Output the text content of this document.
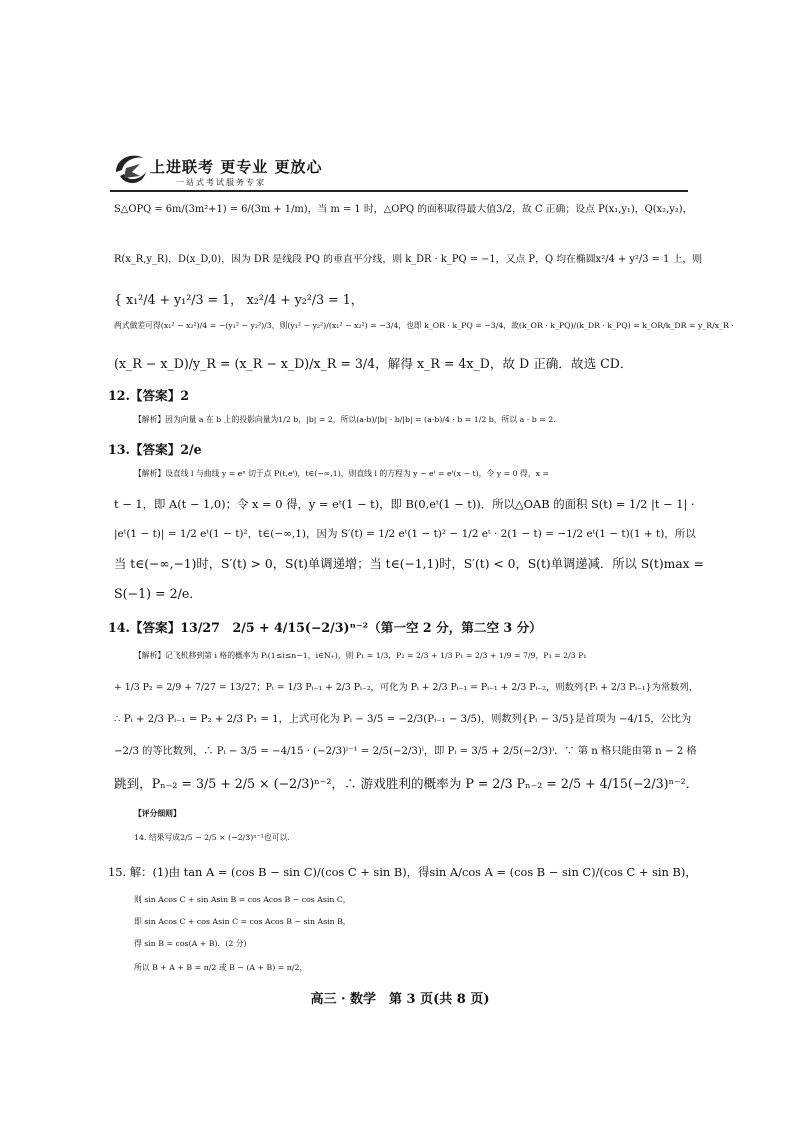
上进联考 更专业 更放心
一站式考试服务专家
S△OPQ = 6m/(3m²+1) = 6/(3m + 1/m)，当 m = 1 时，△OPQ 的面积取得最大值3/2，故 C 正确；设点 P(x₁,y₁)，Q(x₂,y₂)，
R(x_R,y_R)，D(x_D,0)，因为 DR 是线段 PQ 的垂直平分线，则 k_DR · k_PQ = −1，又点 P，Q 均在椭圆x²/4 + y²/3 = 1 上，则
{ x₁²/4 + y₁²/3 = 1， x₂²/4 + y₂²/3 = 1，
两式做差可得(x₁² − x₂²)/4 = −(y₁² − y₂²)/3，则(y₁² − y₂²)/(x₁² − x₂²) = −3/4，也即 k_OR · k_PQ = −3/4，故(k_OR · k_PQ)/(k_DR · k_PQ) = k_OR/k_DR = y_R/x_R ·
(x_R − x_D)/y_R = (x_R − x_D)/x_R = 3/4，解得 x_R = 4x_D，故 D 正确．故选 CD．
12.【答案】2
【解析】因为向量 a 在 b 上的投影向量为1/2 b，|b| = 2，所以(a·b)/|b| · b/|b| = (a·b)/4 · b = 1/2 b，所以 a · b = 2．
13.【答案】2/e
【解析】设直线 l 与曲线 y = eˣ 切于点 P(t,eᵗ)，t∈(−∞,1)，则直线 l 的方程为 y − eᵗ = eᵗ(x − t)，令 y = 0 得，x =
t − 1，即 A(t − 1,0)；令 x = 0 得，y = eᵗ(1 − t)，即 B(0,eᵗ(1 − t))．所以△OAB 的面积 S(t) = 1/2 |t − 1| ·
|eᵗ(1 − t)| = 1/2 eᵗ(1 − t)²，t∈(−∞,1)，因为 S′(t) = 1/2 eᵗ(1 − t)² − 1/2 eᵗ · 2(1 − t) = −1/2 eᵗ(1 − t)(1 + t)，所以
当 t∈(−∞,−1)时，S′(t) > 0，S(t)单调递增；当 t∈(−1,1)时，S′(t) < 0，S(t)单调递减．所以 S(t)max =
S(−1) = 2/e．
14.【答案】13/27　2/5 + 4/15(−2/3)ⁿ⁻²（第一空 2 分，第二空 3 分）
【解析】记飞机移到第 i 格的概率为 Pᵢ(1≤i≤n−1，i∈N₊)，则 P₁ = 1/3，P₂ = 2/3 + 1/3 P₁ = 2/3 + 1/9 = 7/9，P₃ = 2/3 P₁
+ 1/3 P₂ = 2/9 + 7/27 = 13/27；Pᵢ = 1/3 Pᵢ₋₁ + 2/3 Pᵢ₋₂，可化为 Pᵢ + 2/3 Pᵢ₋₁ = Pᵢ₋₁ + 2/3 Pᵢ₋₂，则数列{Pᵢ + 2/3 Pᵢ₋₁}为常数列，
∴ Pᵢ + 2/3 Pᵢ₋₁ = P₂ + 2/3 P₁ = 1，上式可化为 Pᵢ − 3/5 = −2/3(Pᵢ₋₁ − 3/5)，则数列{Pᵢ − 3/5}是首项为 −4/15，公比为
−2/3 的等比数列，∴ Pᵢ − 3/5 = −4/15 · (−2/3)ⁱ⁻¹ = 2/5(−2/3)ⁱ，即 Pᵢ = 3/5 + 2/5(−2/3)ⁱ．∵ 第 n 格只能由第 n − 2 格
跳到，Pₙ₋₂ = 3/5 + 2/5 × (−2/3)ⁿ⁻²，∴ 游戏胜利的概率为 P = 2/3 Pₙ₋₂ = 2/5 + 4/15(−2/3)ⁿ⁻²．
【评分细则】
14. 结果写成2/5 − 2/5 × (−2/3)ⁿ⁻¹也可以．
15. 解：(1)由 tan A = (cos B − sin C)/(cos C + sin B)，得sin A/cos A = (cos B − sin C)/(cos C + sin B)，
则 sin Acos C + sin Asin B = cos Acos B − cos Asin C，
即 sin Acos C + cos Asin C = cos Acos B − sin Asin B，
得 sin B = cos(A + B)．(2 分)
所以 B + A + B = π/2 或 B − (A + B) = π/2，
高三 · 数学　第 3 页(共 8 页)
